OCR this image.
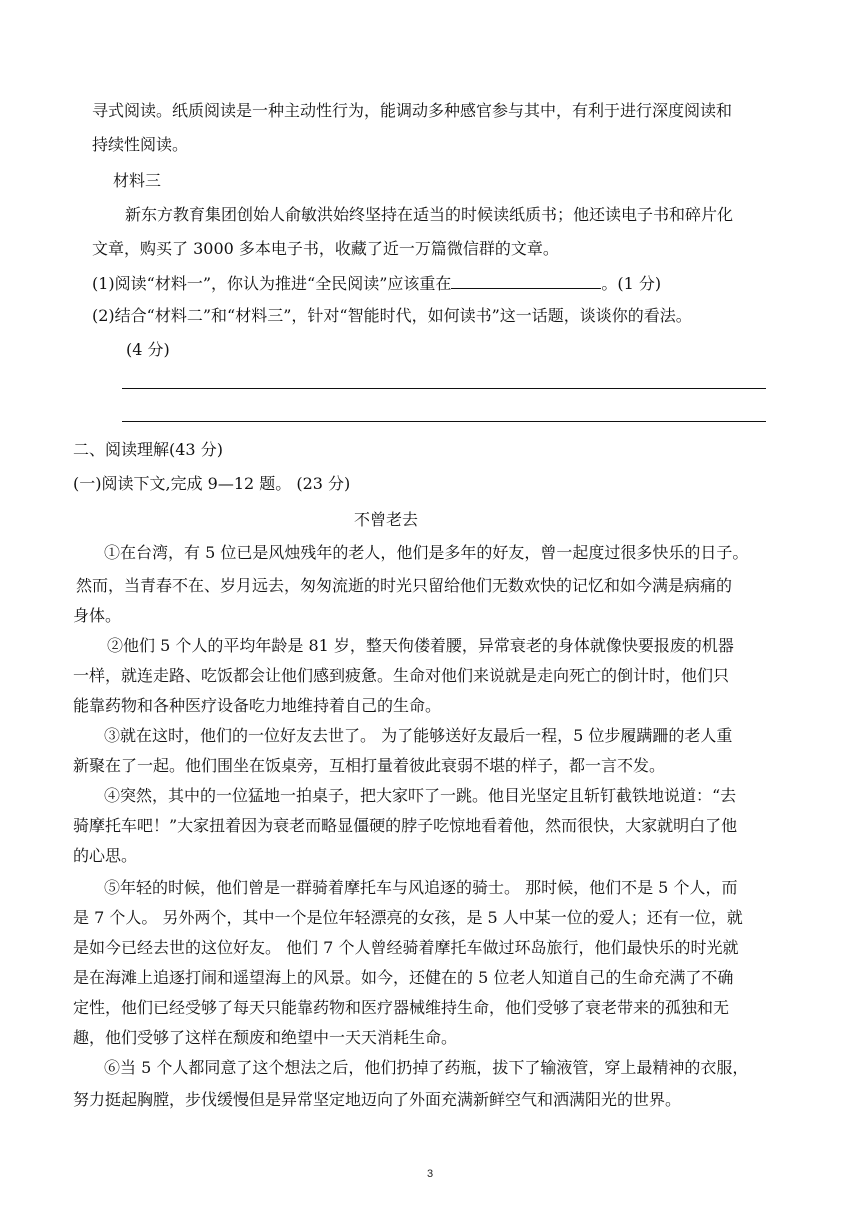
寻式阅读。纸质阅读是一种主动性行为，能调动多种感官参与其中，有利于进行深度阅读和
持续性阅读。
材料三
新东方教育集团创始人俞敏洪始终坚持在适当的时候读纸质书；他还读电子书和碎片化
文章，购买了 3000 多本电子书，收藏了近一万篇微信群的文章。
(1)阅读“材料一”，你认为推进“全民阅读”应该重在	。(1 分)
(2)结合“材料二”和“材料三”，针对“智能时代，如何读书”这一话题，谈谈你的看法。
(4 分)
二、阅读理解(43 分)
(一)阅读下文,完成 9—12 题。 (23 分)
不曾老去
①在台湾，有 5 位已是风烛残年的老人，他们是多年的好友，曾一起度过很多快乐的日子。
然而，当青春不在、岁月远去，匆匆流逝的时光只留给他们无数欢快的记忆和如今满是病痛的
身体。
②他们 5 个人的平均年龄是 81 岁，整天佝偻着腰，异常衰老的身体就像快要报废的机器
一样，就连走路、吃饭都会让他们感到疲惫。生命对他们来说就是走向死亡的倒计时，他们只
能靠药物和各种医疗设备吃力地维持着自己的生命。
③就在这时，他们的一位好友去世了。 为了能够送好友最后一程，5 位步履蹒跚的老人重
新聚在了一起。他们围坐在饭桌旁，互相打量着彼此衰弱不堪的样子，都一言不发。
④突然，其中的一位猛地一拍桌子，把大家吓了一跳。他目光坚定且斩钉截铁地说道：“去
骑摩托车吧！”大家扭着因为衰老而略显僵硬的脖子吃惊地看着他，然而很快，大家就明白了他
的心思。
⑤年轻的时候，他们曾是一群骑着摩托车与风追逐的骑士。 那时候，他们不是 5 个人，而
是 7 个人。 另外两个，其中一个是位年轻漂亮的女孩，是 5 人中某一位的爱人；还有一位，就
是如今已经去世的这位好友。 他们 7 个人曾经骑着摩托车做过环岛旅行，他们最快乐的时光就
是在海滩上追逐打闹和遥望海上的风景。如今，还健在的 5 位老人知道自己的生命充满了不确
定性，他们已经受够了每天只能靠药物和医疗器械维持生命，他们受够了衰老带来的孤独和无
趣，他们受够了这样在颓废和绝望中一天天消耗生命。
⑥当 5 个人都同意了这个想法之后，他们扔掉了药瓶，拔下了输液管，穿上最精神的衣服，
努力挺起胸膛，步伐缓慢但是异常坚定地迈向了外面充满新鲜空气和洒满阳光的世界。
3
